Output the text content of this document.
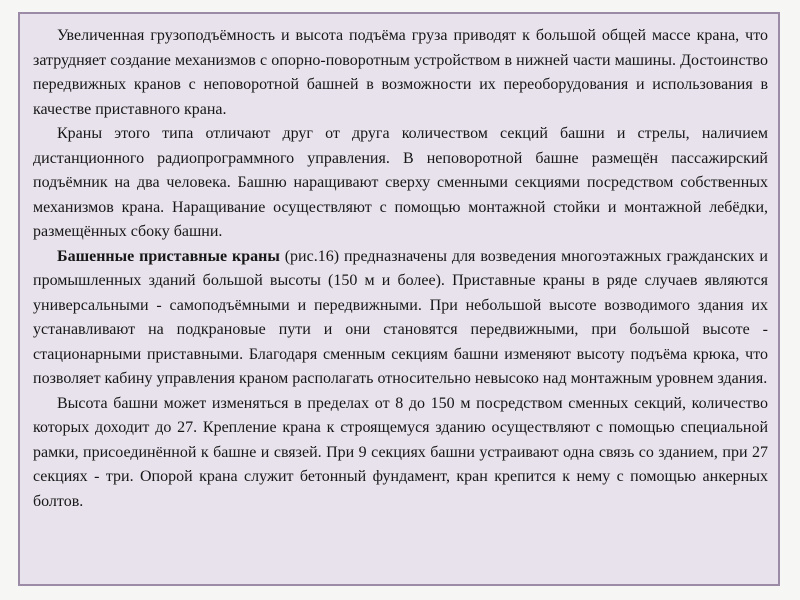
Увеличенная грузоподъёмность и высота подъёма груза приводят к большой общей массе крана, что затрудняет создание механизмов с опорно-поворотным устройством в нижней части машины. Достоинство передвижных кранов с неповоротной башней в возможности их переоборудования и использования в качестве приставного крана.

Краны этого типа отличают друг от друга количеством секций башни и стрелы, наличием дистанционного радиопрограммного управления. В неповоротной башне размещён пассажирский подъёмник на два человека. Башню наращивают сверху сменными секциями посредством собственных механизмов крана. Наращивание осуществляют с помощью монтажной стойки и монтажной лебёдки, размещённых сбоку башни.

Башенные приставные краны (рис.16) предназначены для возведения многоэтажных гражданских и промышленных зданий большой высоты (150 м и более). Приставные краны в ряде случаев являются универсальными - самоподъёмными и передвижными. При небольшой высоте возводимого здания их устанавливают на подкрановые пути и они становятся передвижными, при большой высоте - стационарными приставными. Благодаря сменным секциям башни изменяют высоту подъёма крюка, что позволяет кабину управления краном располагать относительно невысоко над монтажным уровнем здания.

Высота башни может изменяться в пределах от 8 до 150 м посредством сменных секций, количество которых доходит до 27. Крепление крана к строящемуся зданию осуществляют с помощью специальной рамки, присоединённой к башне и связей. При 9 секциях башни устраивают одна связь со зданием, при 27 секциях - три. Опорой крана служит бетонный фундамент, кран крепится к нему с помощью анкерных болтов.
